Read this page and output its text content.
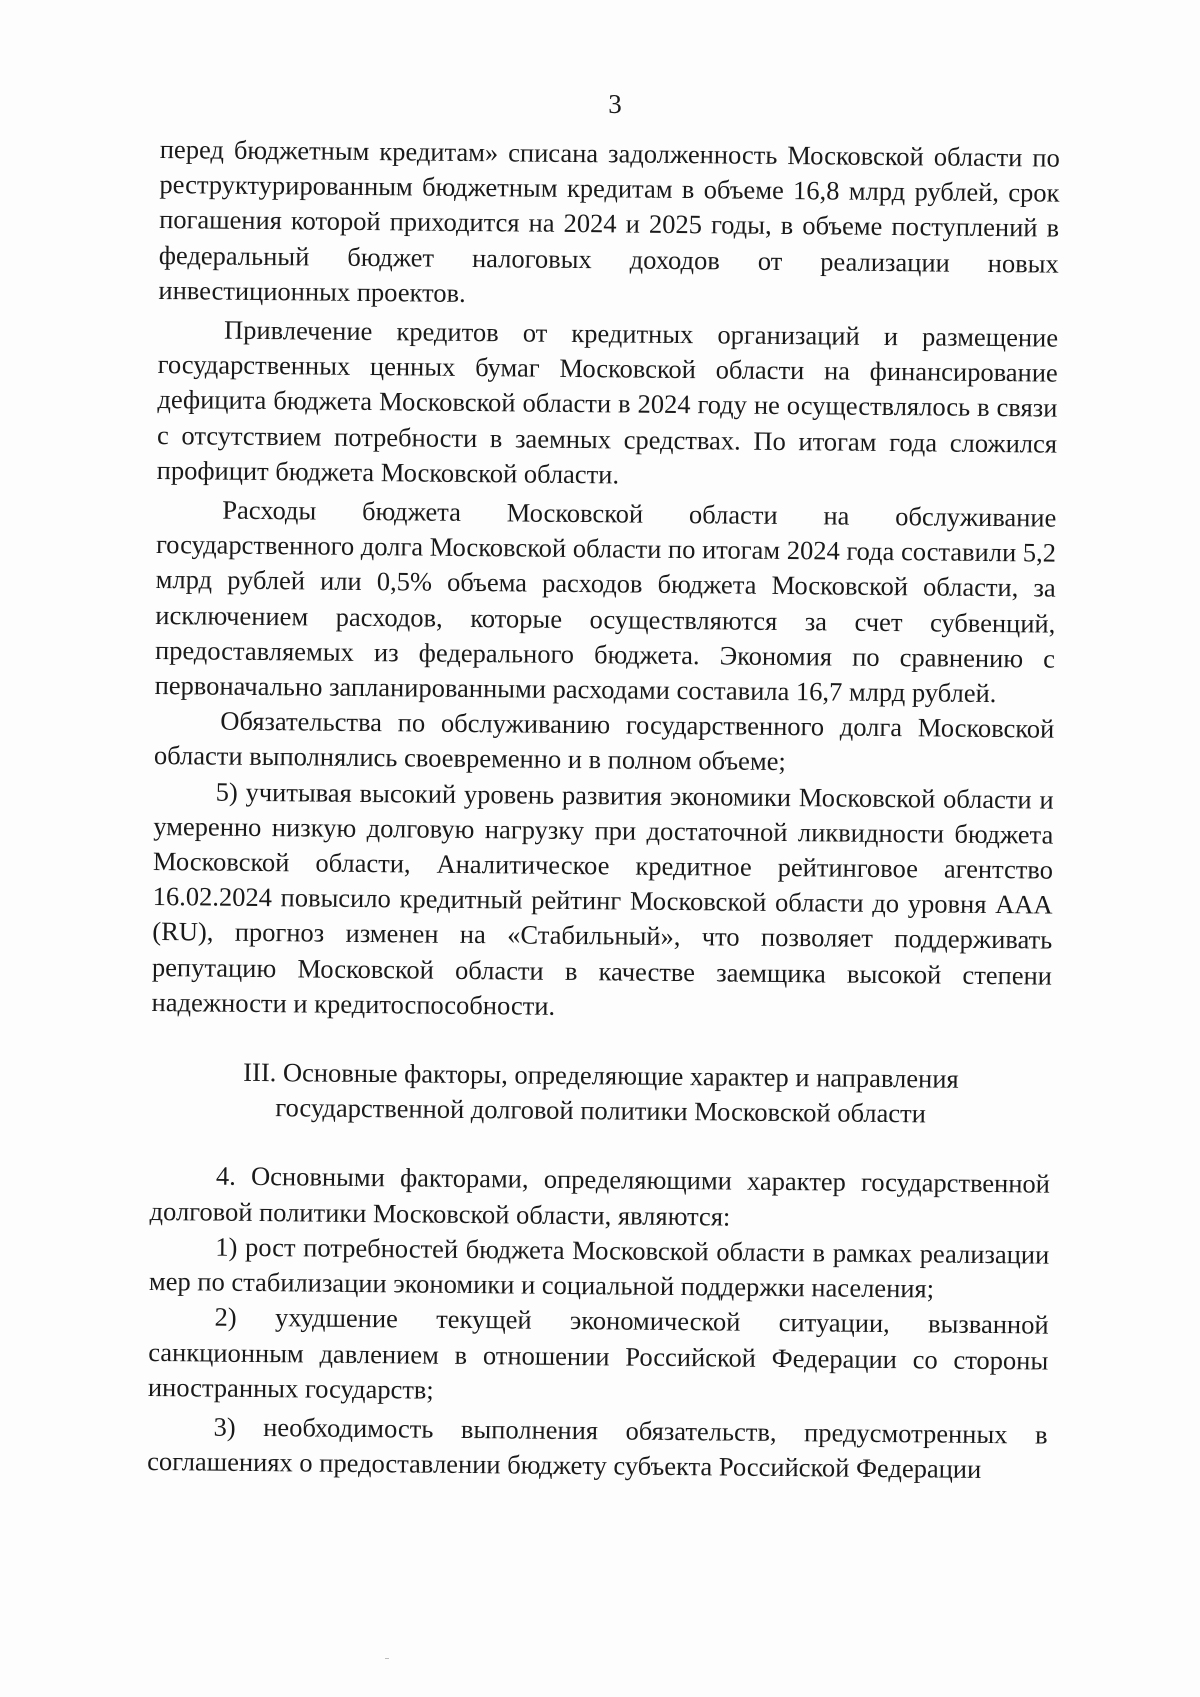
3

перед бюджетным кредитам» списана задолженность Московской области по реструктурированным бюджетным кредитам в объеме 16,8 млрд рублей, срок погашения которой приходится на 2024 и 2025 годы, в объеме поступлений в федеральный бюджет налоговых доходов от реализации новых инвестиционных проектов.

Привлечение кредитов от кредитных организаций и размещение государственных ценных бумаг Московской области на финансирование дефицита бюджета Московской области в 2024 году не осуществлялось в связи с отсутствием потребности в заемных средствах. По итогам года сложился профицит бюджета Московской области.

Расходы бюджета Московской области на обслуживание государственного долга Московской области по итогам 2024 года составили 5,2 млрд рублей или 0,5% объема расходов бюджета Московской области, за исключением расходов, которые осуществляются за счет субвенций, предоставляемых из федерального бюджета. Экономия по сравнению с первоначально запланированными расходами составила 16,7 млрд рублей.

Обязательства по обслуживанию государственного долга Московской области выполнялись своевременно и в полном объеме;

5) учитывая высокий уровень развития экономики Московской области и умеренно низкую долговую нагрузку при достаточной ликвидности бюджета Московской области, Аналитическое кредитное рейтинговое агентство 16.02.2024 повысило кредитный рейтинг Московской области до уровня AAA (RU), прогноз изменен на «Стабильный», что позволяет поддерживать репутацию Московской области в качестве заемщика высокой степени надежности и кредитоспособности.

III. Основные факторы, определяющие характер и направления
государственной долговой политики Московской области

4. Основными факторами, определяющими характер государственной долговой политики Московской области, являются:

1) рост потребностей бюджета Московской области в рамках реализации мер по стабилизации экономики и социальной поддержки населения;

2) ухудшение текущей экономической ситуации, вызванной санкционным давлением в отношении Российской Федерации со стороны иностранных государств;

3) необходимость выполнения обязательств, предусмотренных в соглашениях о предоставлении бюджету субъекта Российской Федерации
